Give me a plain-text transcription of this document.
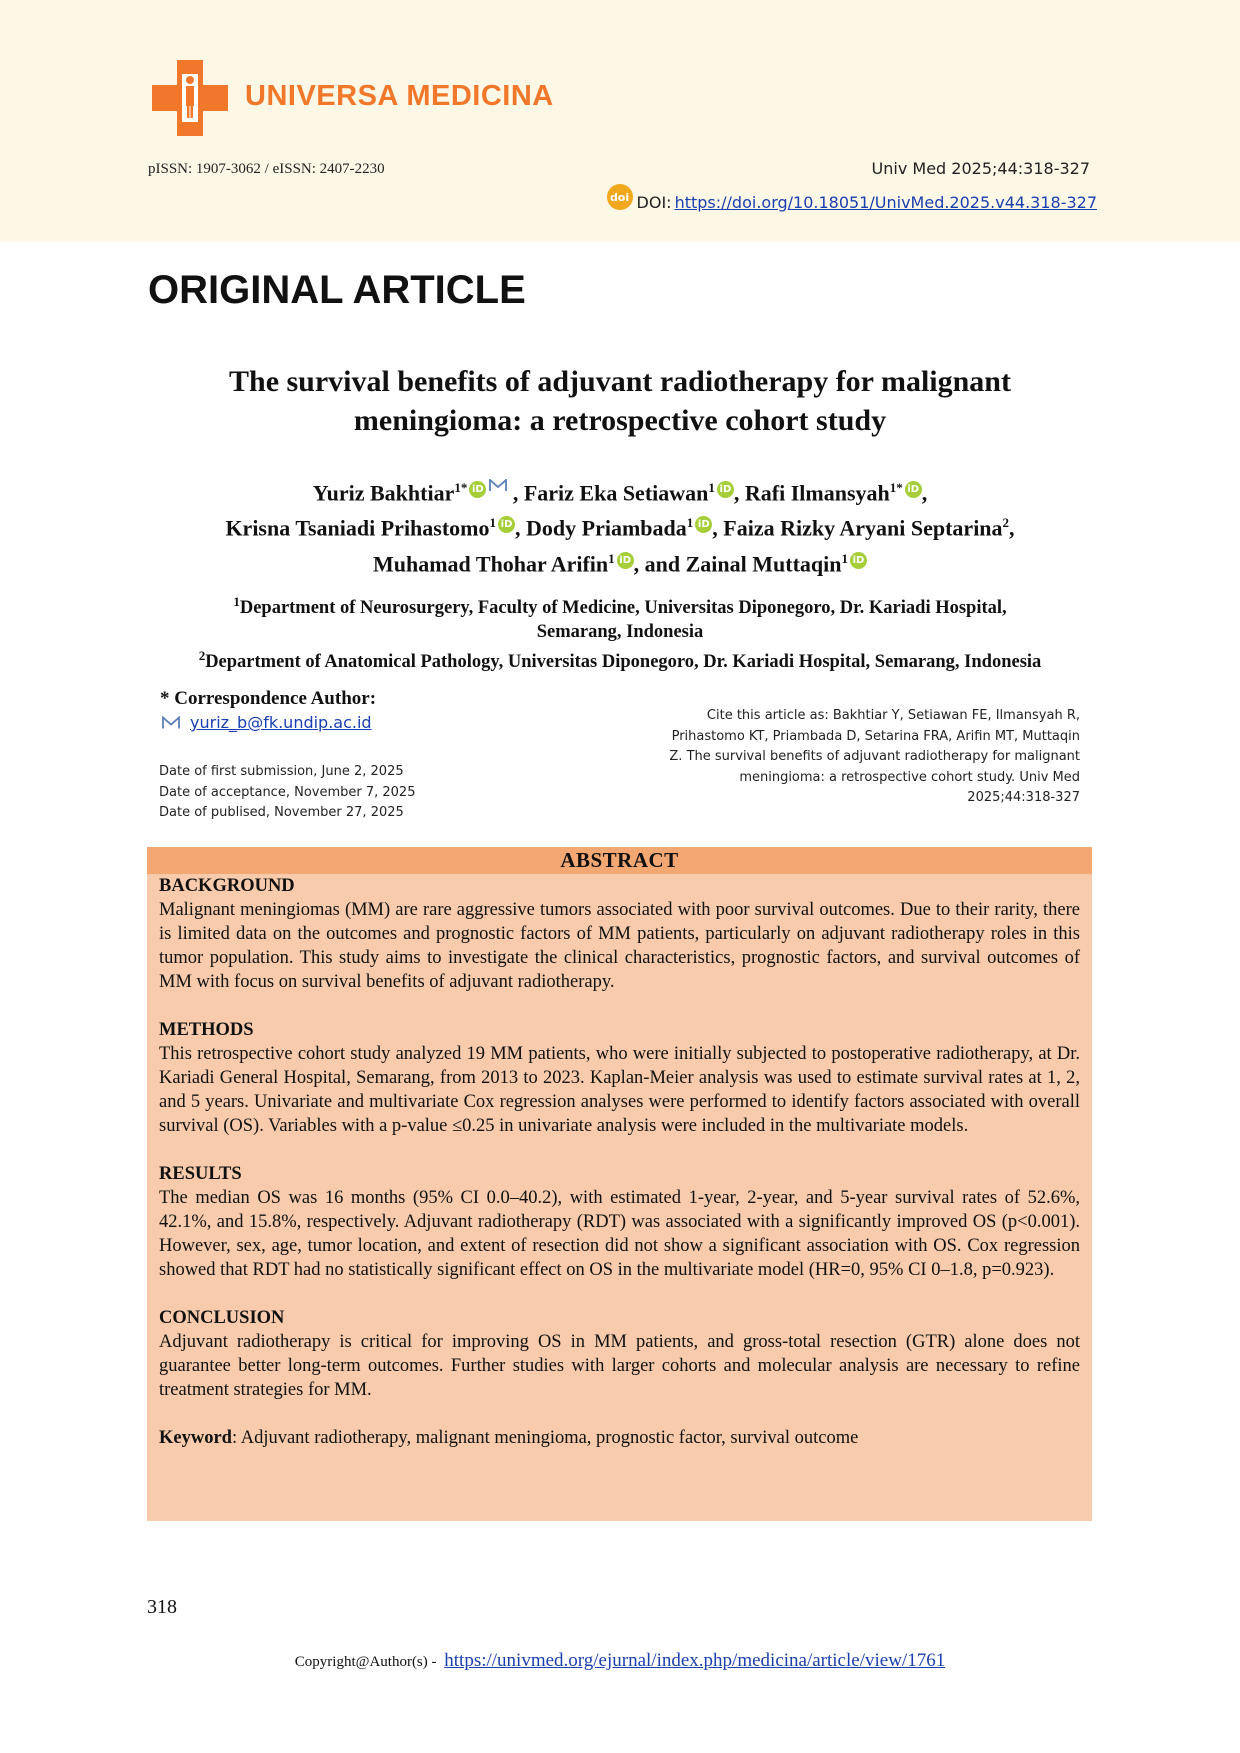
UNIVERSA MEDICINA
pISSN: 1907-3062 / eISSN: 2407-2230	Univ Med 2025;44:318-327
doi DOI: https://doi.org/10.18051/UnivMed.2025.v44.318-327
ORIGINAL ARTICLE
The survival benefits of adjuvant radiotherapy for malignant
meningioma: a retrospective cohort study
Yuriz Bakhtiar$^{1*}$ iD , Fariz Eka Setiawan$^1$ iD , Rafi Ilmansyah$^{1*}$ iD ,
Krisna Tsaniadi Prihastomo$^1$ iD , Dody Priambada$^1$ iD , Faiza Rizky Aryani Septarina$^2$,
Muhamad Thohar Arifin$^1$ iD , and Zainal Muttaqin$^1$ iD
$^1$Department of Neurosurgery, Faculty of Medicine, Universitas Diponegoro, Dr. Kariadi Hospital,
Semarang, Indonesia
$^2$Department of Anatomical Pathology, Universitas Diponegoro, Dr. Kariadi Hospital, Semarang, Indonesia
* Correspondence Author:
yuriz_b@fk.undip.ac.id
Date of first submission, June 2, 2025
Date of acceptance, November 7, 2025
Date of publised, November 27, 2025
Cite this article as: Bakhtiar Y, Setiawan FE, Ilmansyah R,
Prihastomo KT, Priambada D, Setarina FRA, Arifin MT, Muttaqin
Z. The survival benefits of adjuvant radiotherapy for malignant
meningioma: a retrospective cohort study. Univ Med
2025;44:318-327
ABSTRACT
BACKGROUND
Malignant meningiomas (MM) are rare aggressive tumors associated with poor survival outcomes. Due to their rarity, there is limited data on the outcomes and prognostic factors of MM patients, particularly on adjuvant radiotherapy roles in this tumor population. This study aims to investigate the clinical characteristics, prognostic factors, and survival outcomes of MM with focus on survival benefits of adjuvant radiotherapy.
METHODS
This retrospective cohort study analyzed 19 MM patients, who were initially subjected to postoperative radiotherapy, at Dr. Kariadi General Hospital, Semarang, from 2013 to 2023. Kaplan-Meier analysis was used to estimate survival rates at 1, 2, and 5 years. Univariate and multivariate Cox regression analyses were performed to identify factors associated with overall survival (OS). Variables with a p-value ≤0.25 in univariate analysis were included in the multivariate models.
RESULTS
The median OS was 16 months (95% CI 0.0–40.2), with estimated 1-year, 2-year, and 5-year survival rates of 52.6%, 42.1%, and 15.8%, respectively. Adjuvant radiotherapy (RDT) was associated with a significantly improved OS (p<0.001). However, sex, age, tumor location, and extent of resection did not show a significant association with OS. Cox regression showed that RDT had no statistically significant effect on OS in the multivariate model (HR=0, 95% CI 0–1.8, p=0.923).
CONCLUSION
Adjuvant radiotherapy is critical for improving OS in MM patients, and gross-total resection (GTR) alone does not guarantee better long-term outcomes. Further studies with larger cohorts and molecular analysis are necessary to refine treatment strategies for MM.
Keyword: Adjuvant radiotherapy, malignant meningioma, prognostic factor, survival outcome
318
Copyright@Author(s) - https://univmed.org/ejurnal/index.php/medicina/article/view/1761
